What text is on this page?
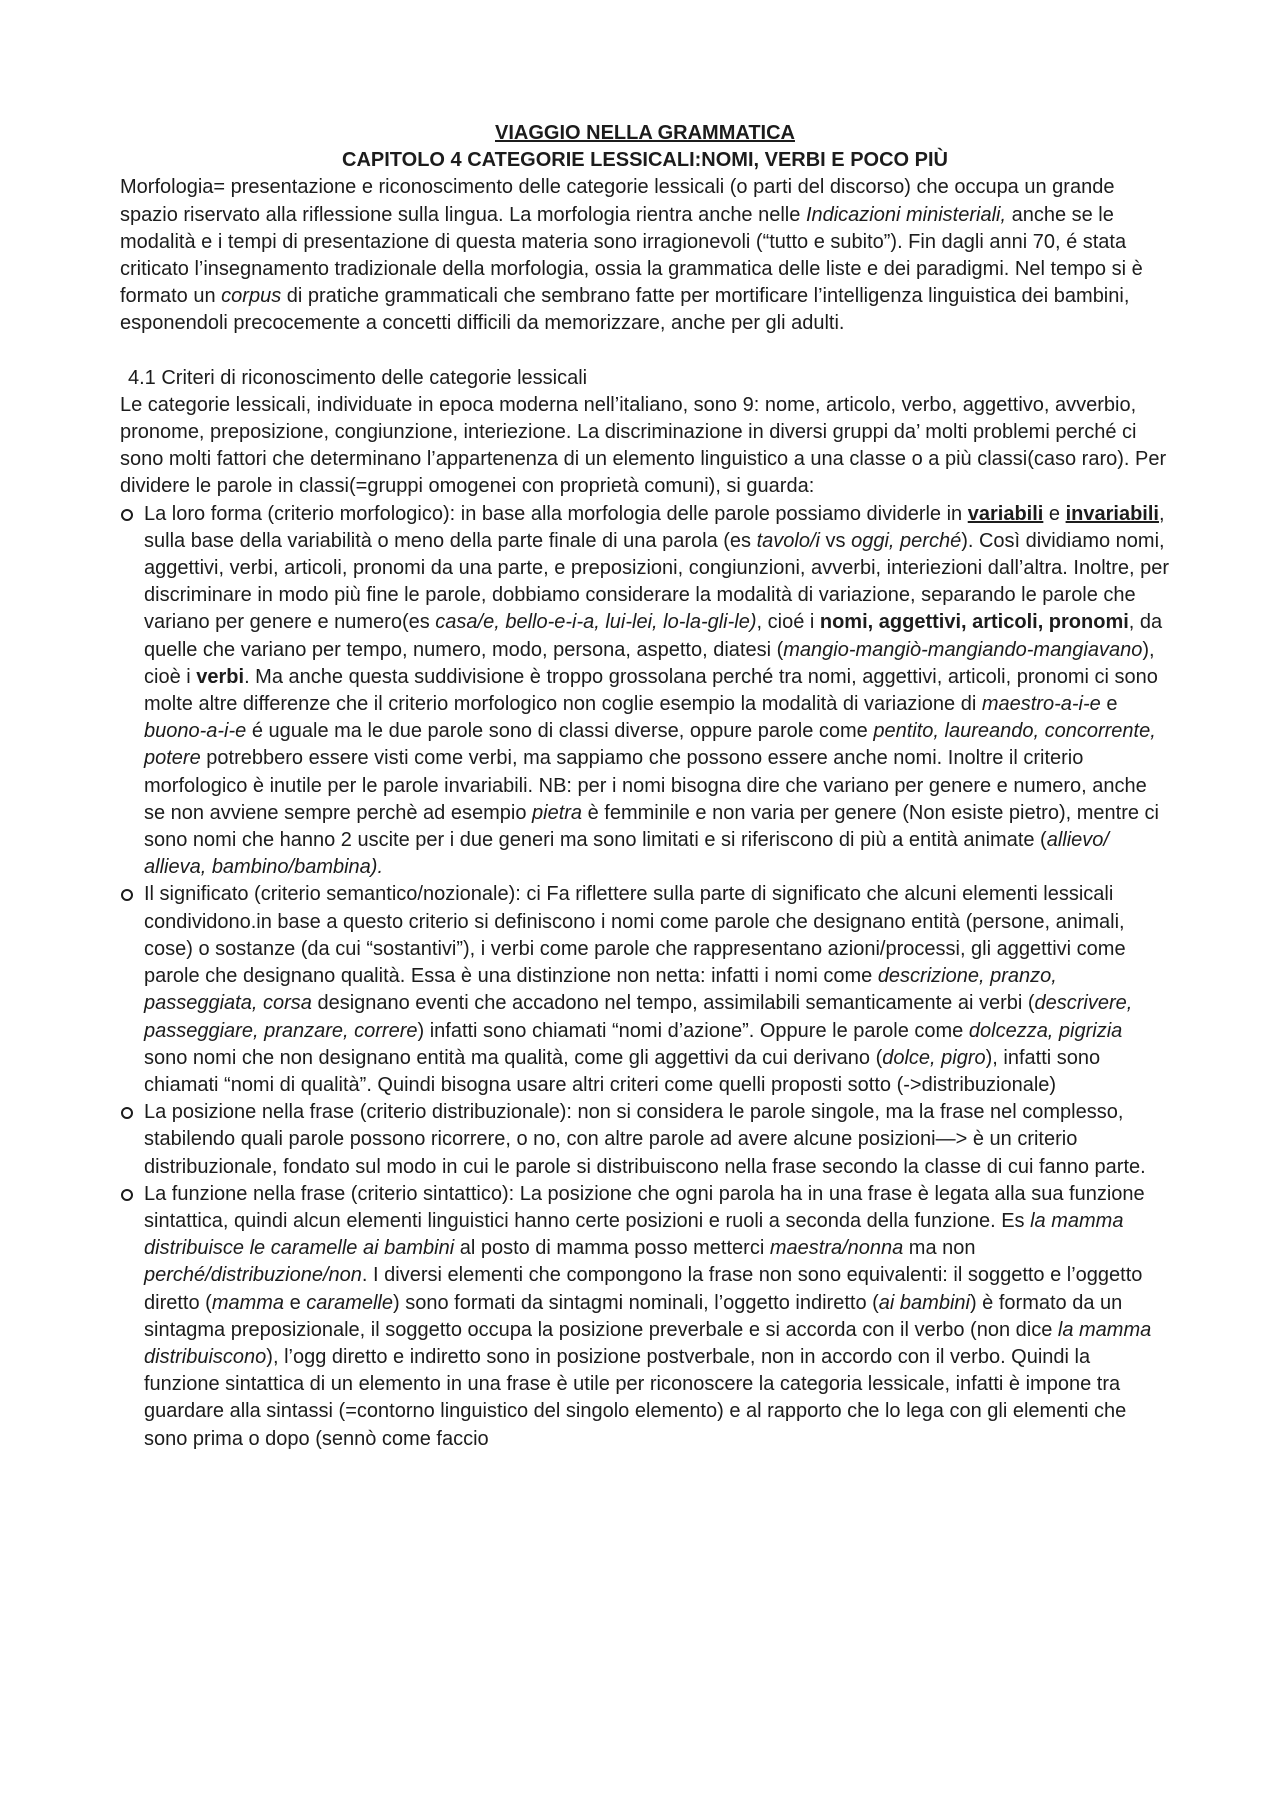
VIAGGIO NELLA GRAMMATICA

CAPITOLO 4 CATEGORIE LESSICALI:NOMI, VERBI E POCO PIÙ

Morfologia= presentazione e riconoscimento delle categorie lessicali (o parti del discorso) che occupa un grande spazio riservato alla riflessione sulla lingua. La morfologia rientra anche nelle Indicazioni ministeriali, anche se le modalità e i tempi di presentazione di questa materia sono irragionevoli (“tutto e subito”). Fin dagli anni 70, é stata criticato l’insegnamento tradizionale della morfologia, ossia la grammatica delle liste e dei paradigmi. Nel tempo si è formato un corpus di pratiche grammaticali che sembrano fatte per mortificare l’intelligenza linguistica dei bambini, esponendoli precocemente a concetti difficili da memorizzare, anche per gli adulti.

4.1 Criteri di riconoscimento delle categorie lessicali

Le categorie lessicali, individuate in epoca moderna nell’italiano, sono 9: nome, articolo, verbo, aggettivo, avverbio, pronome, preposizione, congiunzione, interiezione. La discriminazione in diversi gruppi da’ molti problemi perché ci sono molti fattori che determinano l’appartenenza di un elemento linguistico a una classe o a più classi(caso raro). Per dividere le parole in classi(=gruppi omogenei con proprietà comuni), si guarda:

La loro forma (criterio morfologico): in base alla morfologia delle parole possiamo dividerle in variabili e invariabili, sulla base della variabilità o meno della parte finale di una parola (es tavolo/i vs oggi, perché). Così dividiamo nomi, aggettivi, verbi, articoli, pronomi da una parte, e preposizioni, congiunzioni, avverbi, interiezioni dall’altra. Inoltre, per discriminare in modo più fine le parole, dobbiamo considerare la modalità di variazione, separando le parole che variano per genere e numero(es casa/e, bello-e-i-a, lui-lei, lo-la-gli-le), cioé i nomi, aggettivi, articoli, pronomi, da quelle che variano per tempo, numero, modo, persona, aspetto, diatesi (mangio-mangiò-mangiando-mangiavano), cioè i verbi. Ma anche questa suddivisione è troppo grossolana perché tra nomi, aggettivi, articoli, pronomi ci sono molte altre differenze che il criterio morfologico non coglie esempio la modalità di variazione di maestro-a-i-e e buono-a-i-e é uguale ma le due parole sono di classi diverse, oppure parole come pentito, laureando, concorrente, potere potrebbero essere visti come verbi, ma sappiamo che possono essere anche nomi. Inoltre il criterio morfologico è inutile per le parole invariabili. NB: per i nomi bisogna dire che variano per genere e numero, anche se non avviene sempre perchè ad esempio pietra è femminile e non varia per genere (Non esiste pietro), mentre ci sono nomi che hanno 2 uscite per i due generi ma sono limitati e si riferiscono di più a entità animate (allievo/ allieva, bambino/bambina).
Il significato (criterio semantico/nozionale): ci Fa riflettere sulla parte di significato che alcuni elementi lessicali condividono.in base a questo criterio si definiscono i nomi come parole che designano entità (persone, animali, cose) o sostanze (da cui “sostantivi”), i verbi come parole che rappresentano azioni/processi, gli aggettivi come parole che designano qualità. Essa è una distinzione non netta: infatti i nomi come descrizione, pranzo, passeggiata, corsa designano eventi che accadono nel tempo, assimilabili semanticamente ai verbi (descrivere, passeggiare, pranzare, correre) infatti sono chiamati “nomi d’azione”. Oppure le parole come dolcezza, pigrizia sono nomi che non designano entità ma qualità, come gli aggettivi da cui derivano (dolce, pigro), infatti sono chiamati “nomi di qualità”. Quindi bisogna usare altri criteri come quelli proposti sotto (->distribuzionale)
La posizione nella frase (criterio distribuzionale): non si considera le parole singole, ma la frase nel complesso, stabilendo quali parole possono ricorrere, o no, con altre parole ad avere alcune posizioni—> è un criterio distribuzionale, fondato sul modo in cui le parole si distribuiscono nella frase secondo la classe di cui fanno parte.
La funzione nella frase (criterio sintattico): La posizione che ogni parola ha in una frase è legata alla sua funzione sintattica, quindi alcun elementi linguistici hanno certe posizioni e ruoli a seconda della funzione. Es la mamma distribuisce le caramelle ai bambini al posto di mamma posso metterci maestra/nonna ma non perché/distribuzione/non. I diversi elementi che compongono la frase non sono equivalenti: il soggetto e l’oggetto diretto (mamma e caramelle) sono formati da sintagmi nominali, l’oggetto indiretto (ai bambini) è formato da un sintagma preposizionale, il soggetto occupa la posizione preverbale e si accorda con il verbo (non dice la mamma distribuiscono), l’ogg diretto e indiretto sono in posizione postverbale, non in accordo con il verbo. Quindi la funzione sintattica di un elemento in una frase è utile per riconoscere la categoria lessicale, infatti è impone tra guardare alla sintassi (=contorno linguistico del singolo elemento) e al rapporto che lo lega con gli elementi che sono prima o dopo (sennò come faccio
